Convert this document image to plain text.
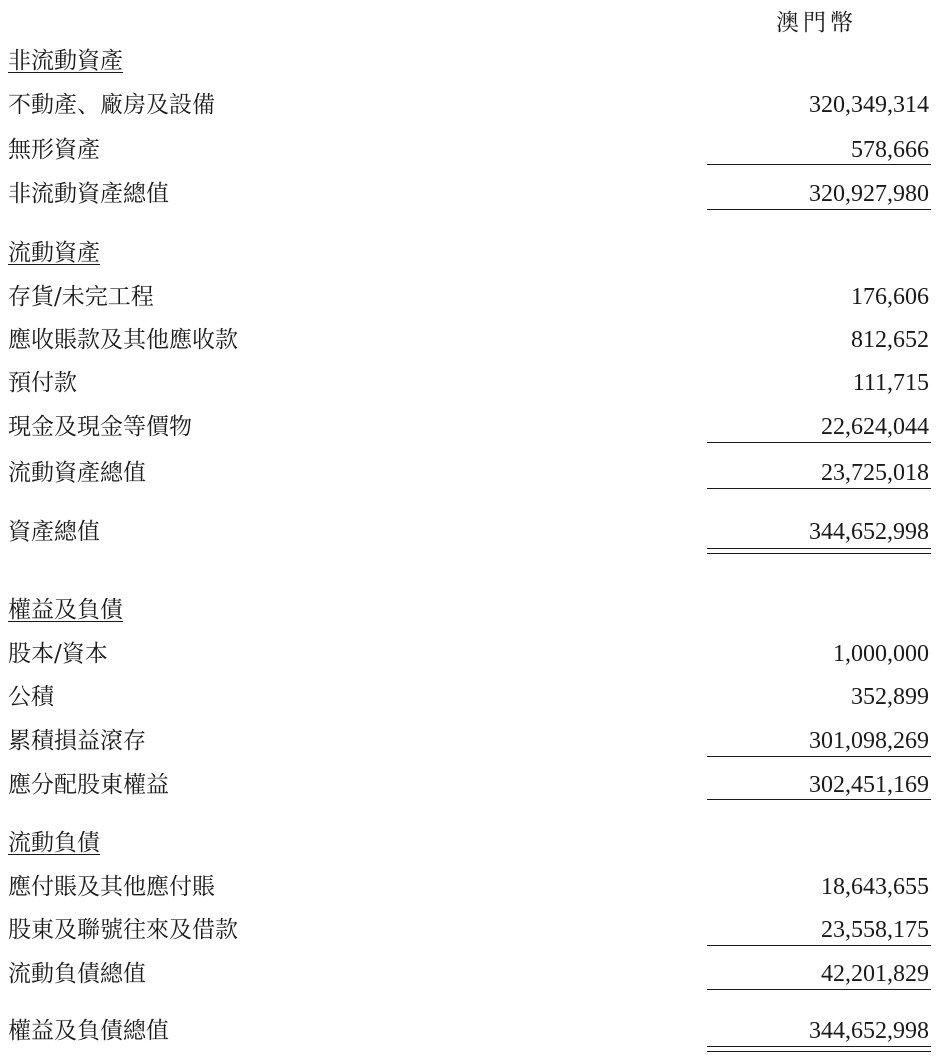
澳門幣
非流動資產
不動產、廠房及設備	320,349,314
無形資產	578,666
非流動資產總值	320,927,980
流動資產
存貨/未完工程	176,606
應收賬款及其他應收款	812,652
預付款	111,715
現金及現金等價物	22,624,044
流動資產總值	23,725,018
資產總值	344,652,998
權益及負債
股本/資本	1,000,000
公積	352,899
累積損益滾存	301,098,269
應分配股東權益	302,451,169
流動負債
應付賬及其他應付賬	18,643,655
股東及聯號往來及借款	23,558,175
流動負債總值	42,201,829
權益及負債總值	344,652,998
